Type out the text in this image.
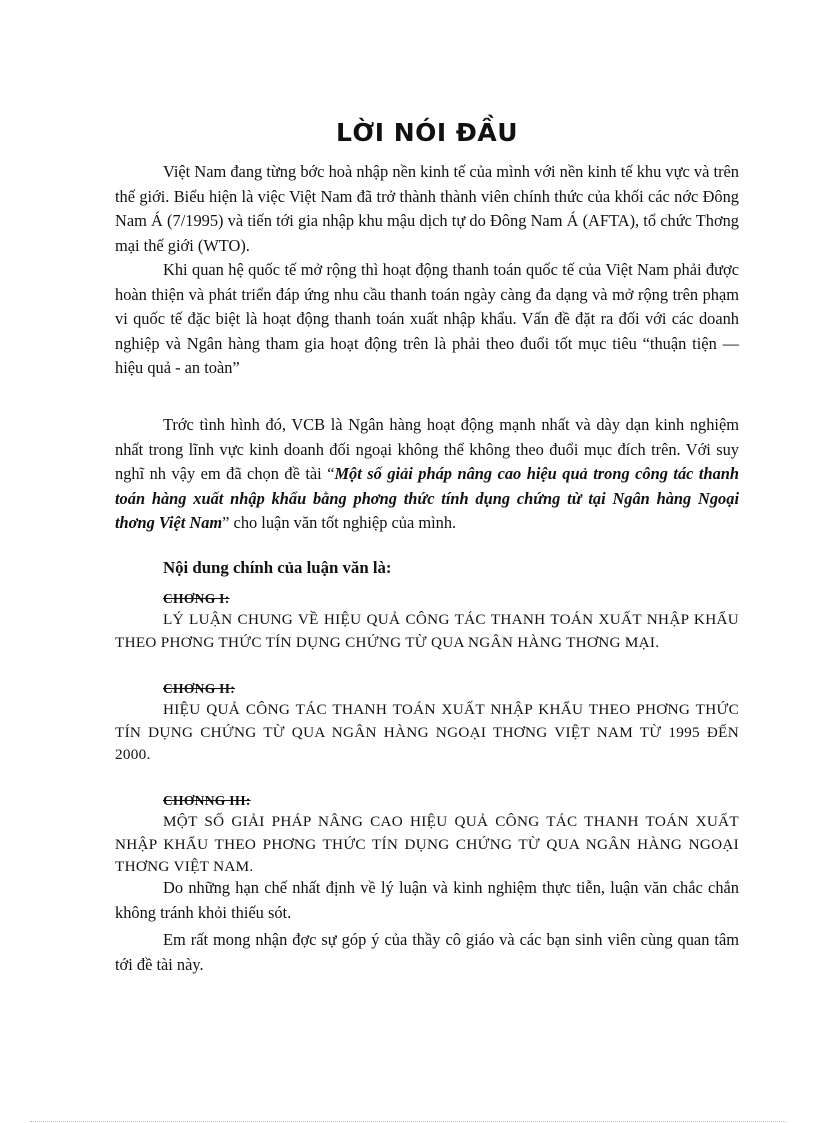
LỜI NÓI ĐẦU

Việt Nam đang từng bớc hoà nhập nền kinh tế của mình với nền kinh tế khu vực và trên thế giới. Biểu hiện là việc Việt Nam đã trở thành thành viên chính thức của khối các nớc Đông Nam Á (7/1995) và tiến tới gia nhập khu mậu dịch tự do Đông Nam Á (AFTA), tổ chức Thơng mại thế giới (WTO).

Khi quan hệ quốc tế mở rộng thì hoạt động thanh toán quốc tế của Việt Nam phải được hoàn thiện và phát triển đáp ứng nhu cầu thanh toán ngày càng đa dạng và mở rộng trên phạm vi quốc tế đặc biệt là hoạt động thanh toán xuất nhập khẩu. Vấn đề đặt ra đối với các doanh nghiệp và Ngân hàng tham gia hoạt động trên là phải theo đuổi tốt mục tiêu “thuận tiện — hiệu quả - an toàn”

Trớc tình hình đó, VCB là Ngân hàng hoạt động mạnh nhất và dày dạn kinh nghiệm nhất trong lĩnh vực kinh doanh đối ngoại không thể không theo đuổi mục đích trên. Với suy nghĩ nh vậy em đã chọn đề tài “Một số giải pháp nâng cao hiệu quả trong công tác thanh toán hàng xuất nhập khẩu bằng phơng thức tính dụng chứng từ tại Ngân hàng Ngoại thơng Việt Nam” cho luận văn tốt nghiệp của mình.

Nội dung chính của luận văn là:
CHƠNG I:

LÝ LUẬN CHUNG VỀ HIỆU QUẢ CÔNG TÁC THANH TOÁN XUẤT NHẬP KHẨU THEO PHƠNG THỨC TÍN DỤNG CHỨNG TỪ QUA NGÂN HÀNG THƠNG MẠI.

CHƠNG II:

HIỆU QUẢ CÔNG TÁC THANH TOÁN XUẤT NHẬP KHẨU THEO PHƠNG THỨC TÍN DỤNG CHỨNG TỪ QUA NGÂN HÀNG NGOẠI THƠNG VIỆT NAM TỪ 1995 ĐẾN 2000.

CHƠNNG III:

MỘT SỐ GIẢI PHÁP NÂNG CAO HIỆU QUẢ CÔNG TÁC THANH TOÁN XUẤT NHẬP KHẨU THEO PHƠNG THỨC TÍN DỤNG CHỨNG TỪ QUA NGÂN HÀNG NGOẠI THƠNG VIỆT NAM.

Do những hạn chế nhất định về lý luận và kinh nghiệm thực tiễn, luận văn chắc chắn không tránh khỏi thiếu sót.

Em rất mong nhận đợc sự góp ý của thầy cô giáo và các bạn sinh viên cùng quan tâm tới đề tài này.
